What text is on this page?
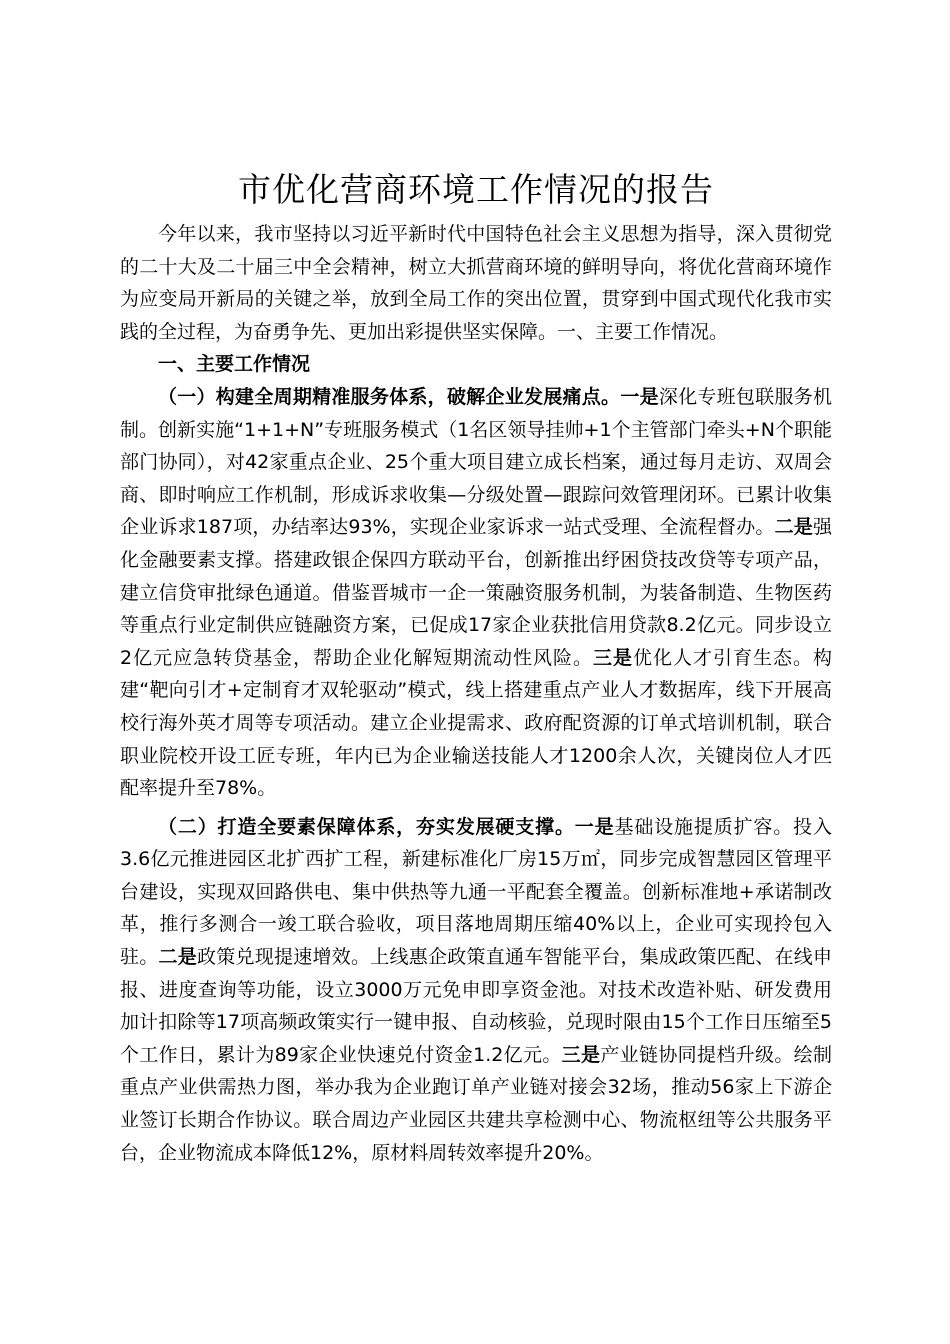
市优化营商环境工作情况的报告

今年以来，我市坚持以习近平新时代中国特色社会主义思想为指导，深入贯彻党的二十大及二十届三中全会精神，树立大抓营商环境的鲜明导向，将优化营商环境作为应变局开新局的关键之举，放到全局工作的突出位置，贯穿到中国式现代化我市实践的全过程，为奋勇争先、更加出彩提供坚实保障。一、主要工作情况。

一、主要工作情况

（一）构建全周期精准服务体系，破解企业发展痛点。一是深化专班包联服务机制。创新实施“1+1+N”专班服务模式（1名区领导挂帅+1个主管部门牵头+N个职能部门协同），对42家重点企业、25个重大项目建立成长档案，通过每月走访、双周会商、即时响应工作机制，形成诉求收集—分级处置—跟踪问效管理闭环。已累计收集企业诉求187项，办结率达93%，实现企业家诉求一站式受理、全流程督办。二是强化金融要素支撑。搭建政银企保四方联动平台，创新推出纾困贷技改贷等专项产品，建立信贷审批绿色通道。借鉴晋城市一企一策融资服务机制，为装备制造、生物医药等重点行业定制供应链融资方案，已促成17家企业获批信用贷款8.2亿元。同步设立2亿元应急转贷基金，帮助企业化解短期流动性风险。三是优化人才引育生态。构建“靶向引才+定制育才双轮驱动”模式，线上搭建重点产业人才数据库，线下开展高校行海外英才周等专项活动。建立企业提需求、政府配资源的订单式培训机制，联合职业院校开设工匠专班，年内已为企业输送技能人才1200余人次，关键岗位人才匹配率提升至78%。

（二）打造全要素保障体系，夯实发展硬支撑。一是基础设施提质扩容。投入3.6亿元推进园区北扩西扩工程，新建标准化厂房15万㎡，同步完成智慧园区管理平台建设，实现双回路供电、集中供热等九通一平配套全覆盖。创新标准地+承诺制改革，推行多测合一竣工联合验收，项目落地周期压缩40%以上，企业可实现拎包入驻。二是政策兑现提速增效。上线惠企政策直通车智能平台，集成政策匹配、在线申报、进度查询等功能，设立3000万元免申即享资金池。对技术改造补贴、研发费用加计扣除等17项高频政策实行一键申报、自动核验，兑现时限由15个工作日压缩至5个工作日，累计为89家企业快速兑付资金1.2亿元。三是产业链协同提档升级。绘制重点产业供需热力图，举办我为企业跑订单产业链对接会32场，推动56家上下游企业签订长期合作协议。联合周边产业园区共建共享检测中心、物流枢纽等公共服务平台，企业物流成本降低12%，原材料周转效率提升20%。
